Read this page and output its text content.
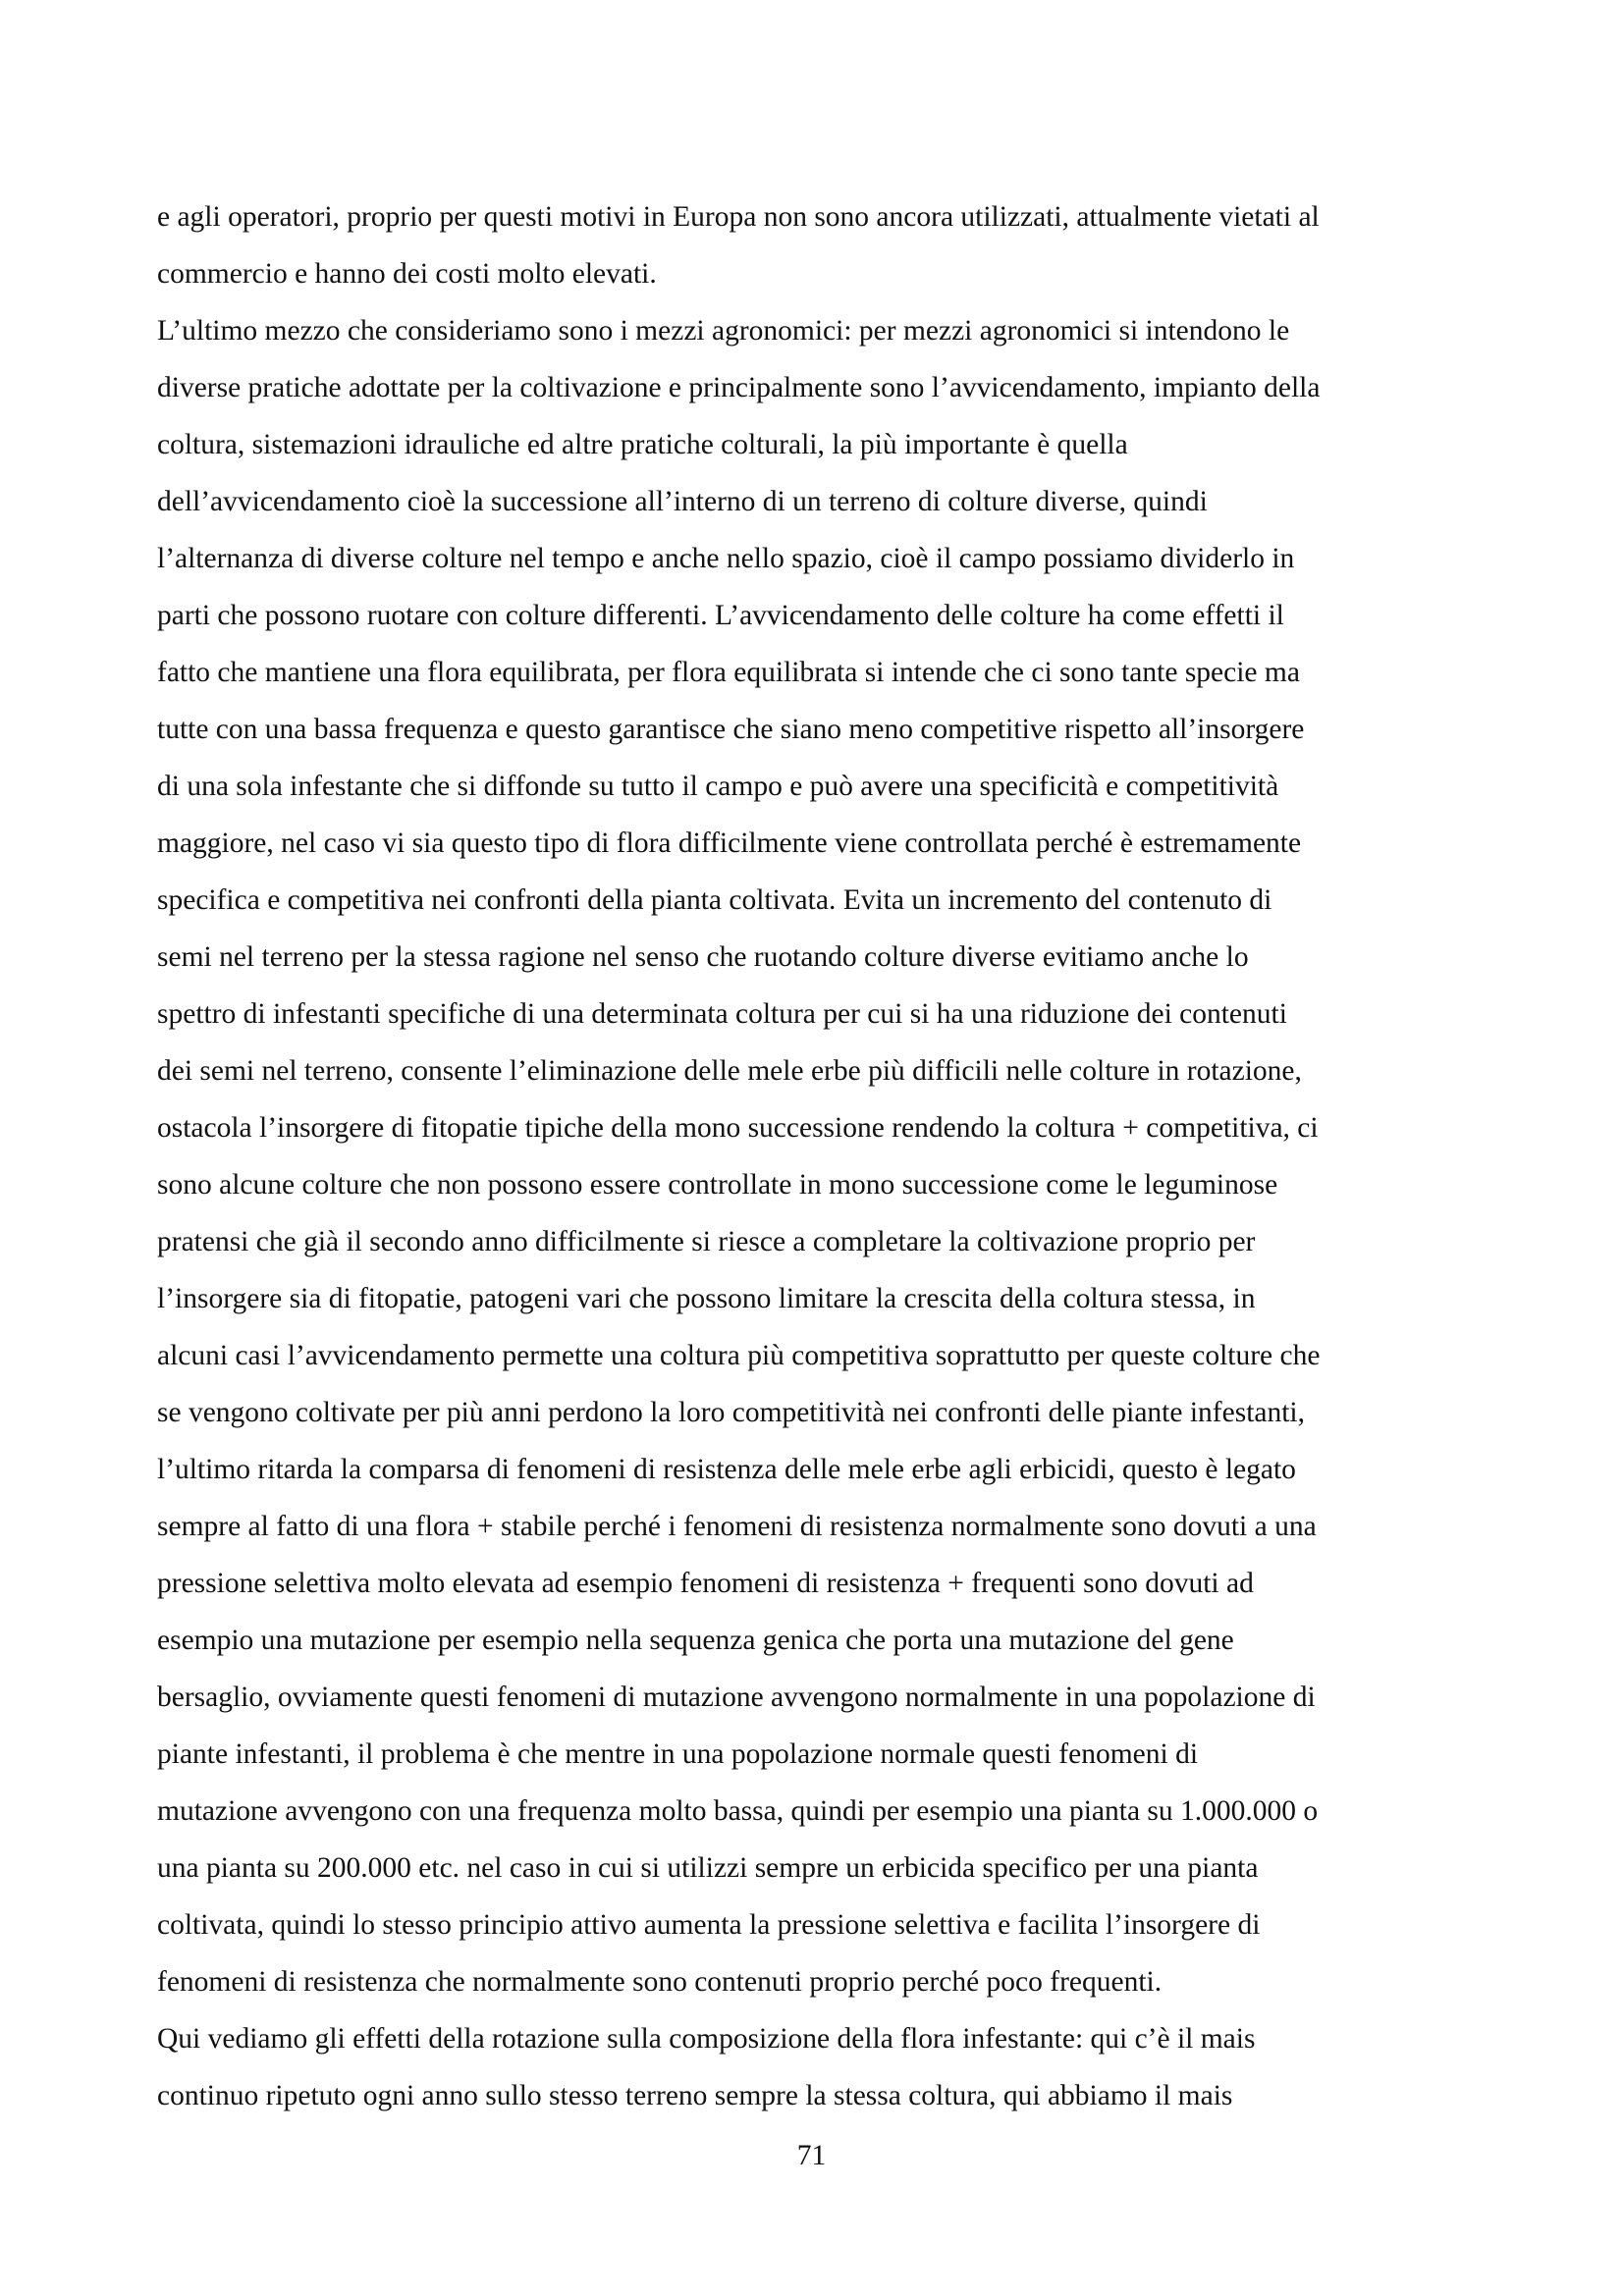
e agli operatori, proprio per questi motivi in Europa non sono ancora utilizzati, attualmente vietati al
commercio e hanno dei costi molto elevati.
L’ultimo mezzo che consideriamo sono i mezzi agronomici: per mezzi agronomici si intendono le
diverse pratiche adottate per la coltivazione e principalmente sono l’avvicendamento, impianto della
coltura, sistemazioni idrauliche ed altre pratiche colturali, la più importante è quella
dell’avvicendamento cioè la successione all’interno di un terreno di colture diverse, quindi
l’alternanza di diverse colture nel tempo e anche nello spazio, cioè il campo possiamo dividerlo in
parti che possono ruotare con colture differenti. L’avvicendamento delle colture ha come effetti il
fatto che mantiene una flora equilibrata, per flora equilibrata si intende che ci sono tante specie ma
tutte con una bassa frequenza e questo garantisce che siano meno competitive rispetto all’insorgere
di una sola infestante che si diffonde su tutto il campo e può avere una specificità e competitività
maggiore, nel caso vi sia questo tipo di flora difficilmente viene controllata perché è estremamente
specifica e competitiva nei confronti della pianta coltivata. Evita un incremento del contenuto di
semi nel terreno per la stessa ragione nel senso che ruotando colture diverse evitiamo anche lo
spettro di infestanti specifiche di una determinata coltura per cui si ha una riduzione dei contenuti
dei semi nel terreno, consente l’eliminazione delle mele erbe più difficili nelle colture in rotazione,
ostacola l’insorgere di fitopatie tipiche della mono successione rendendo la coltura + competitiva, ci
sono alcune colture che non possono essere controllate in mono successione come le leguminose
pratensi che già il secondo anno difficilmente si riesce a completare la coltivazione proprio per
l’insorgere sia di fitopatie, patogeni vari che possono limitare la crescita della coltura stessa, in
alcuni casi l’avvicendamento permette una coltura più competitiva soprattutto per queste colture che
se vengono coltivate per più anni perdono la loro competitività nei confronti delle piante infestanti,
l’ultimo ritarda la comparsa di fenomeni di resistenza delle mele erbe agli erbicidi, questo è legato
sempre al fatto di una flora + stabile perché i fenomeni di resistenza normalmente sono dovuti a una
pressione selettiva molto elevata ad esempio fenomeni di resistenza + frequenti sono dovuti ad
esempio una mutazione per esempio nella sequenza genica che porta una mutazione del gene
bersaglio, ovviamente questi fenomeni di mutazione avvengono normalmente in una popolazione di
piante infestanti, il problema è che mentre in una popolazione normale questi fenomeni di
mutazione avvengono con una frequenza molto bassa, quindi per esempio una pianta su 1.000.000 o
una pianta su 200.000 etc. nel caso in cui si utilizzi sempre un erbicida specifico per una pianta
coltivata, quindi lo stesso principio attivo aumenta la pressione selettiva e facilita l’insorgere di
fenomeni di resistenza che normalmente sono contenuti proprio perché poco frequenti.
Qui vediamo gli effetti della rotazione sulla composizione della flora infestante: qui c’è il mais
continuo ripetuto ogni anno sullo stesso terreno sempre la stessa coltura, qui abbiamo il mais
71
